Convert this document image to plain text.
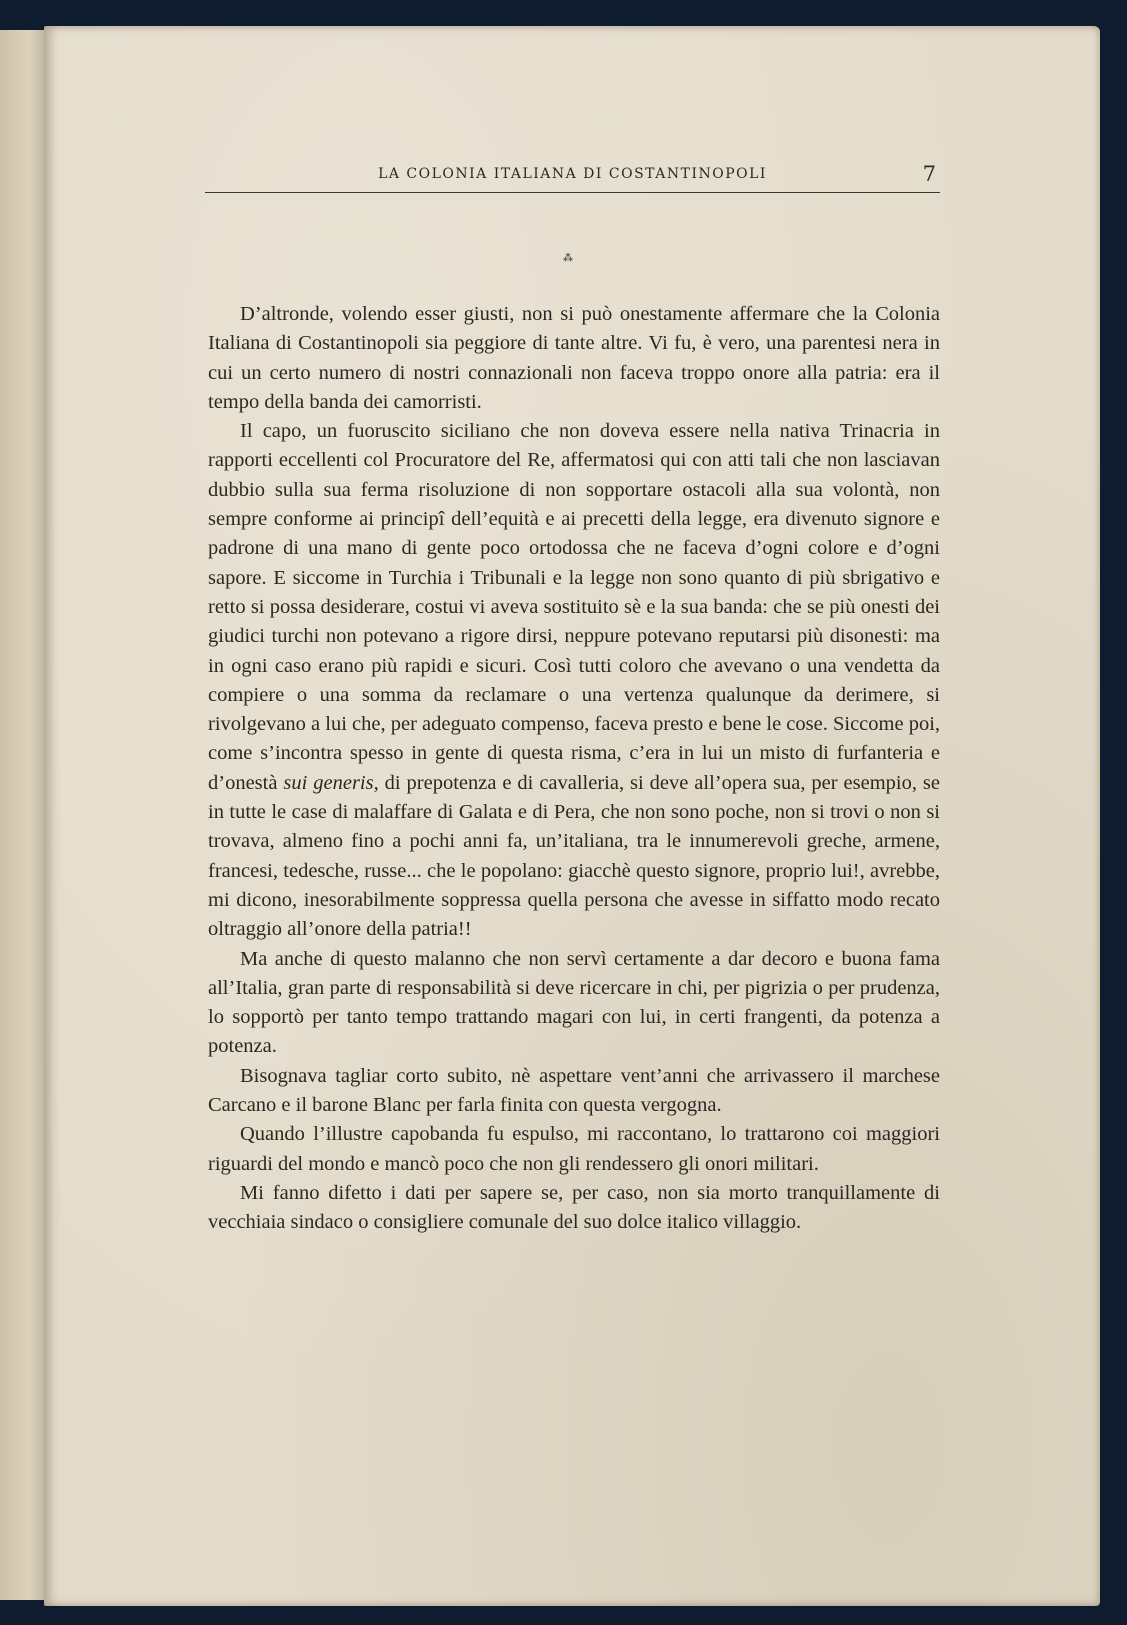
LA COLONIA ITALIANA DI COSTANTINOPOLI	7
⁂

D’altronde, volendo esser giusti, non si può onestamente affermare che la Colonia Italiana di Costantinopoli sia peggiore di tante altre. Vi fu, è vero, una parentesi nera in cui un certo numero di nostri connazionali non faceva troppo onore alla patria: era il tempo della banda dei camorristi.

Il capo, un fuoruscito siciliano che non doveva essere nella nativa Trinacria in rapporti eccellenti col Procuratore del Re, affermatosi qui con atti tali che non lasciavan dubbio sulla sua ferma risoluzione di non sopportare ostacoli alla sua volontà, non sempre conforme ai principî dell’equità e ai precetti della legge, era divenuto signore e padrone di una mano di gente poco ortodossa che ne faceva d’ogni colore e d’ogni sapore. E siccome in Turchia i Tribunali e la legge non sono quanto di più sbrigativo e retto si possa desiderare, costui vi aveva sostituito sè e la sua banda: che se più onesti dei giudici turchi non potevano a rigore dirsi, neppure potevano reputarsi più disonesti: ma in ogni caso erano più rapidi e sicuri. Così tutti coloro che avevano o una vendetta da compiere o una somma da reclamare o una vertenza qualunque da derimere, si rivolgevano a lui che, per adeguato compenso, faceva presto e bene le cose. Siccome poi, come s’incontra spesso in gente di questa risma, c’era in lui un misto di furfanteria e d’onestà sui generis, di prepotenza e di cavalleria, si deve all’opera sua, per esempio, se in tutte le case di malaffare di Galata e di Pera, che non sono poche, non si trovi o non si trovava, almeno fino a pochi anni fa, un’italiana, tra le innumerevoli greche, armene, francesi, tedesche, russe... che le popolano: giacchè questo signore, proprio lui!, avrebbe, mi dicono, inesorabilmente soppressa quella persona che avesse in siffatto modo recato oltraggio all’onore della patria!!

Ma anche di questo malanno che non servì certamente a dar decoro e buona fama all’Italia, gran parte di responsabilità si deve ricercare in chi, per pigrizia o per prudenza, lo sopportò per tanto tempo trattando magari con lui, in certi frangenti, da potenza a potenza.

Bisognava tagliar corto subito, nè aspettare vent’anni che arrivassero il marchese Carcano e il barone Blanc per farla finita con questa vergogna.

Quando l’illustre capobanda fu espulso, mi raccontano, lo trattarono coi maggiori riguardi del mondo e mancò poco che non gli rendessero gli onori militari.

Mi fanno difetto i dati per sapere se, per caso, non sia morto tranquillamente di vecchiaia sindaco o consigliere comunale del suo dolce italico villaggio.
